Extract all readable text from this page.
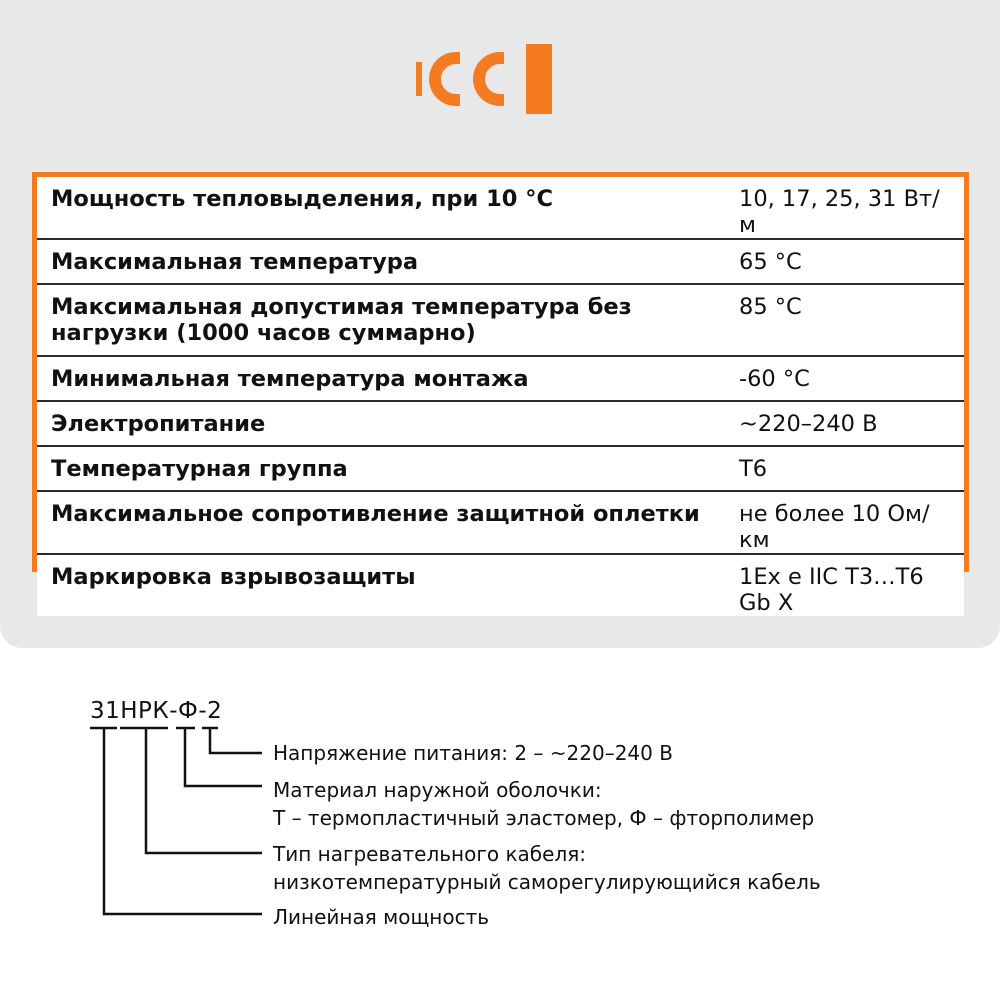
Мощность тепловыделения, при 10 °С	10, 17, 25, 31 Вт/м
Максимальная температура	65 °С
Максимальная допустимая температура без нагрузки (1000 часов суммарно)	85 °С
Минимальная температура монтажа	-60 °С
Электропитание	~220–240 В
Температурная группа	Т6
Максимальное сопротивление защитной оплетки	не более 10 Ом/км
Маркировка взрывозащиты	1Ex e IIC T3…T6 Gb X
31НРК-Ф-2
Напряжение питания: 2 – ~220–240 В
Материал наружной оболочки:
Т – термопластичный эластомер, Ф – фторполимер
Тип нагревательного кабеля:
низкотемпературный саморегулирующийся кабель
Линейная мощность
